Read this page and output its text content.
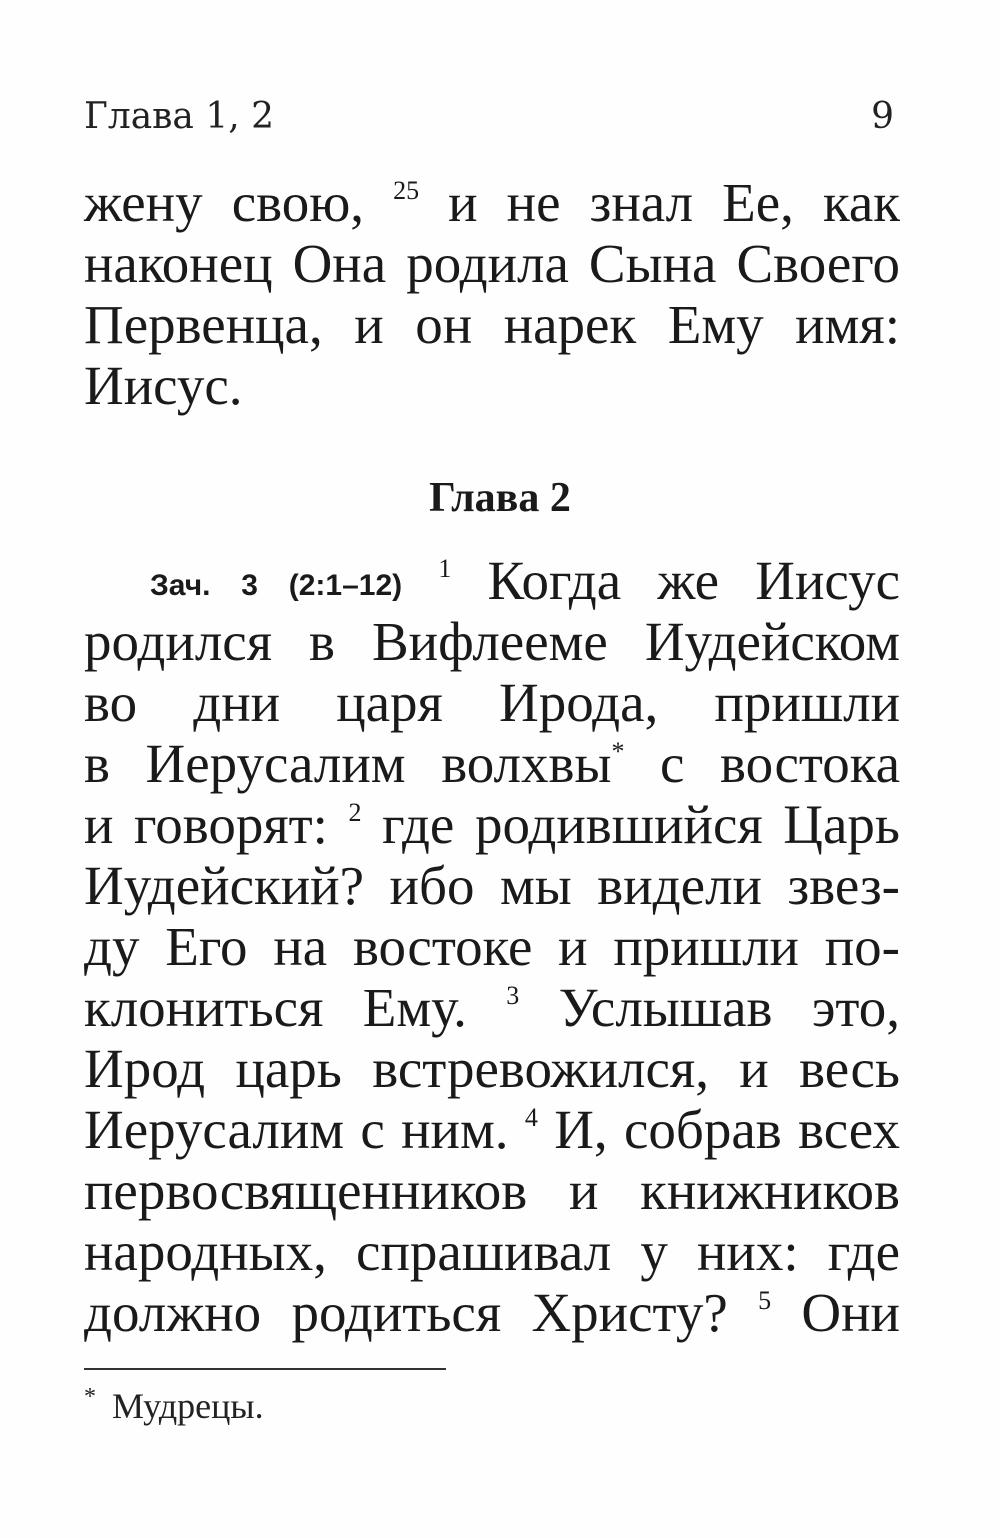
Глава 1, 2	9
жену свою, $^{25}$ и не знал Ее, как
наконец Она родила Сына Своего
Первенца, и он нарек Ему имя:
Иисус.
Глава 2
Зач. 3 (2:1–12) $^1$ Когда же Иисус
родился в Вифлееме Иудейском
во дни царя Ирода, пришли
в Иерусалим волхвы* с востока
и говорят: $^2$ где родившийся Царь
Иудейский? ибо мы видели звез-
ду Его на востоке и пришли по-
клониться Ему. $^3$ Услышав это,
Ирод царь встревожился, и весь
Иерусалим с ним. $^4$ И, собрав всех
первосвященников и книжников
народных, спрашивал у них: где
должно родиться Христу? $^5$ Они
* Мудрецы.
